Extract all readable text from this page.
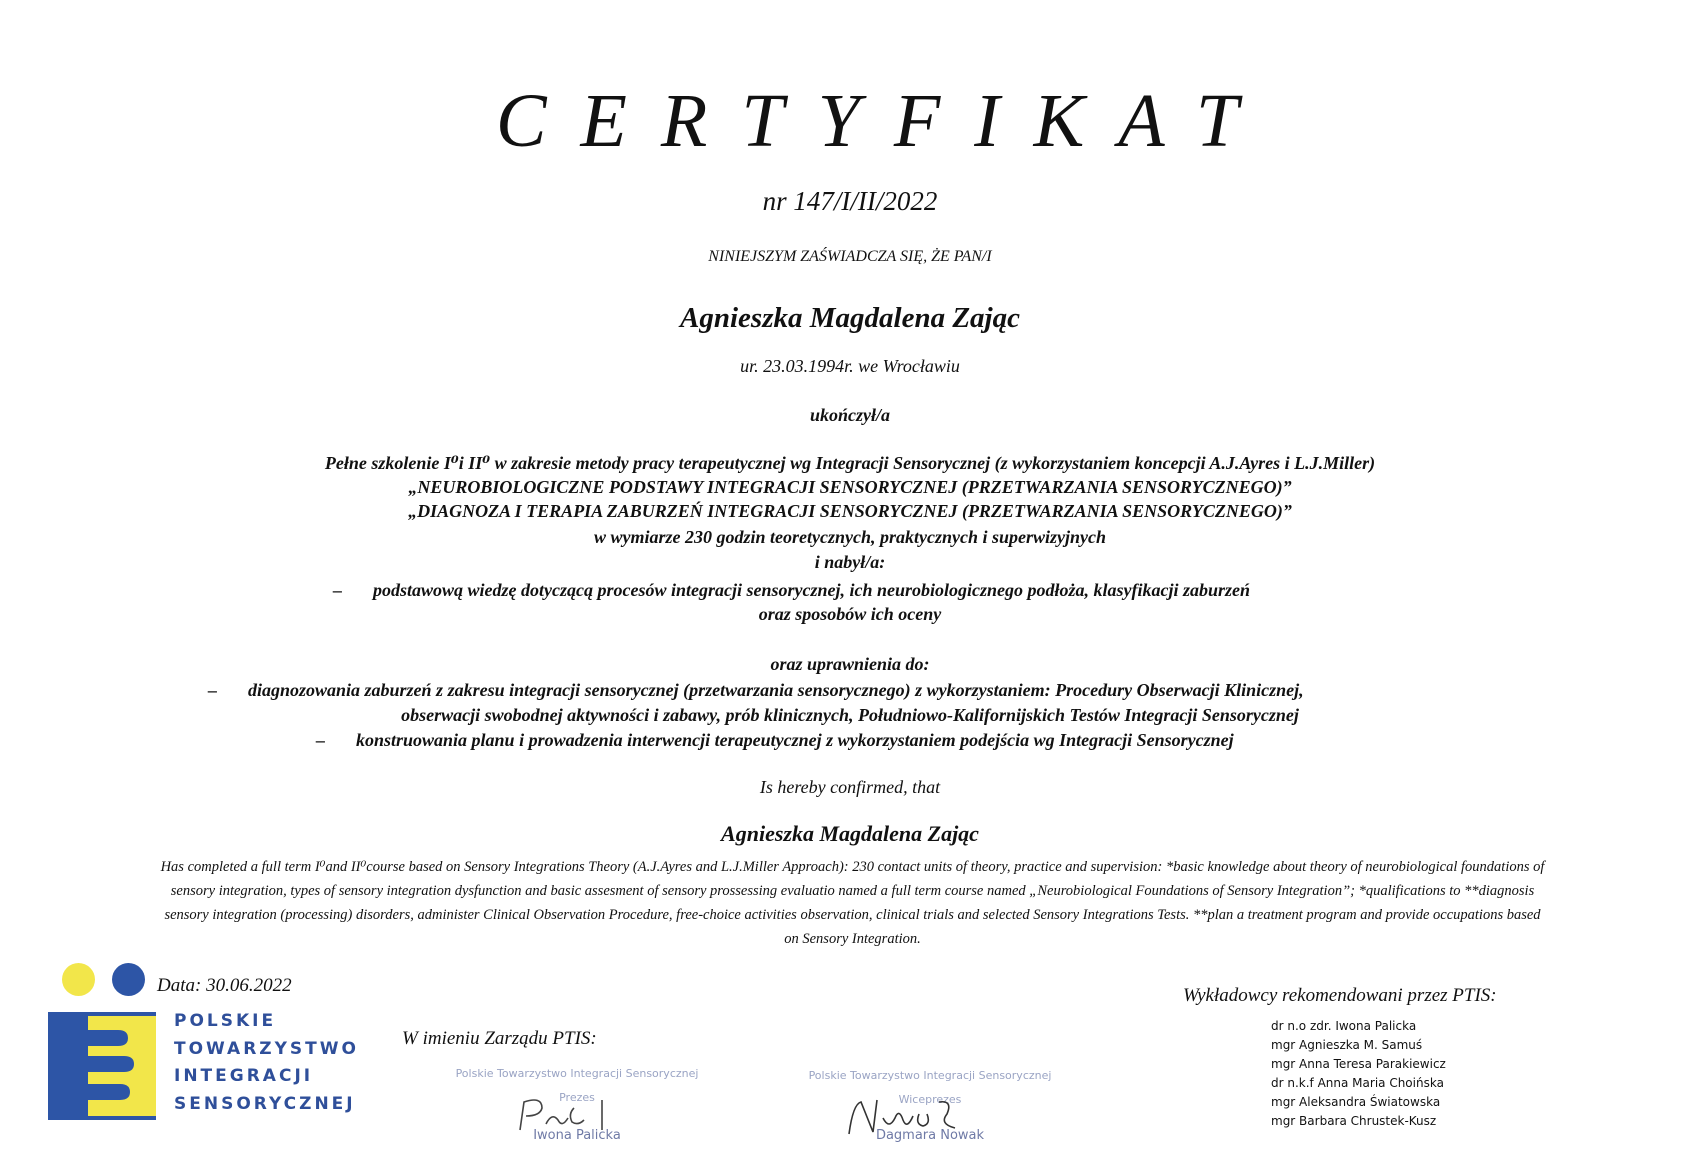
CERTYFIKAT
nr 147/I/II/2022
NINIEJSZYM ZAŚWIADCZA SIĘ, ŻE PAN/I
Agnieszka Magdalena Zając
ur. 23.03.1994r. we Wrocławiu
ukończył/a
Pełne szkolenie I⁰i II⁰ w zakresie metody pracy terapeutycznej wg Integracji Sensorycznej (z wykorzystaniem koncepcji A.J.Ayres i L.J.Miller)
„NEUROBIOLOGICZNE PODSTAWY INTEGRACJI SENSORYCZNEJ (PRZETWARZANIA SENSORYCZNEGO)”
„DIAGNOZA I TERAPIA ZABURZEŃ INTEGRACJI SENSORYCZNEJ (PRZETWARZANIA SENSORYCZNEGO)”
w wymiarze 230 godzin teoretycznych, praktycznych i superwizyjnych
i nabył/a:
– podstawową wiedzę dotyczącą procesów integracji sensorycznej, ich neurobiologicznego podłoża, klasyfikacji zaburzeń
oraz sposobów ich oceny
oraz uprawnienia do:
– diagnozowania zaburzeń z zakresu integracji sensorycznej (przetwarzania sensorycznego) z wykorzystaniem: Procedury Obserwacji Klinicznej,
obserwacji swobodnej aktywności i zabawy, prób klinicznych, Południowo-Kalifornijskich Testów Integracji Sensorycznej
– konstruowania planu i prowadzenia interwencji terapeutycznej z wykorzystaniem podejścia wg Integracji Sensorycznej
Is hereby confirmed, that
Agnieszka Magdalena Zając
Has completed a full term I⁰and II⁰course based on Sensory Integrations Theory (A.J.Ayres and L.J.Miller Approach): 230 contact units of theory, practice and supervision: *basic knowledge about theory of neurobiological foundations of sensory integration, types of sensory integration dysfunction and basic assesment of sensory prossessing evaluatio named a full term course named „Neurobiological Foundations of Sensory Integration”; *qualifications to **diagnosis sensory integration (processing) disorders, administer Clinical Observation Procedure, free-choice activities observation, clinical trials and selected Sensory Integrations Tests. **plan a treatment program and provide occupations based on Sensory Integration.
POLSKIE
TOWARZYSTWO
INTEGRACJI
SENSORYCZNEJ
Data: 30.06.2022
W imieniu Zarządu PTIS:
Polskie Towarzystwo Integracji Sensorycznej
Prezes
Iwona Palicka
Polskie Towarzystwo Integracji Sensorycznej
Wiceprezes
Dagmara Nowak
Wykładowcy rekomendowani przez PTIS:
dr n.o zdr. Iwona Palicka
mgr Agnieszka M. Samuś
mgr Anna Teresa Parakiewicz
dr n.k.f Anna Maria Choińska
mgr Aleksandra Światowska
mgr Barbara Chrustek-Kusz
